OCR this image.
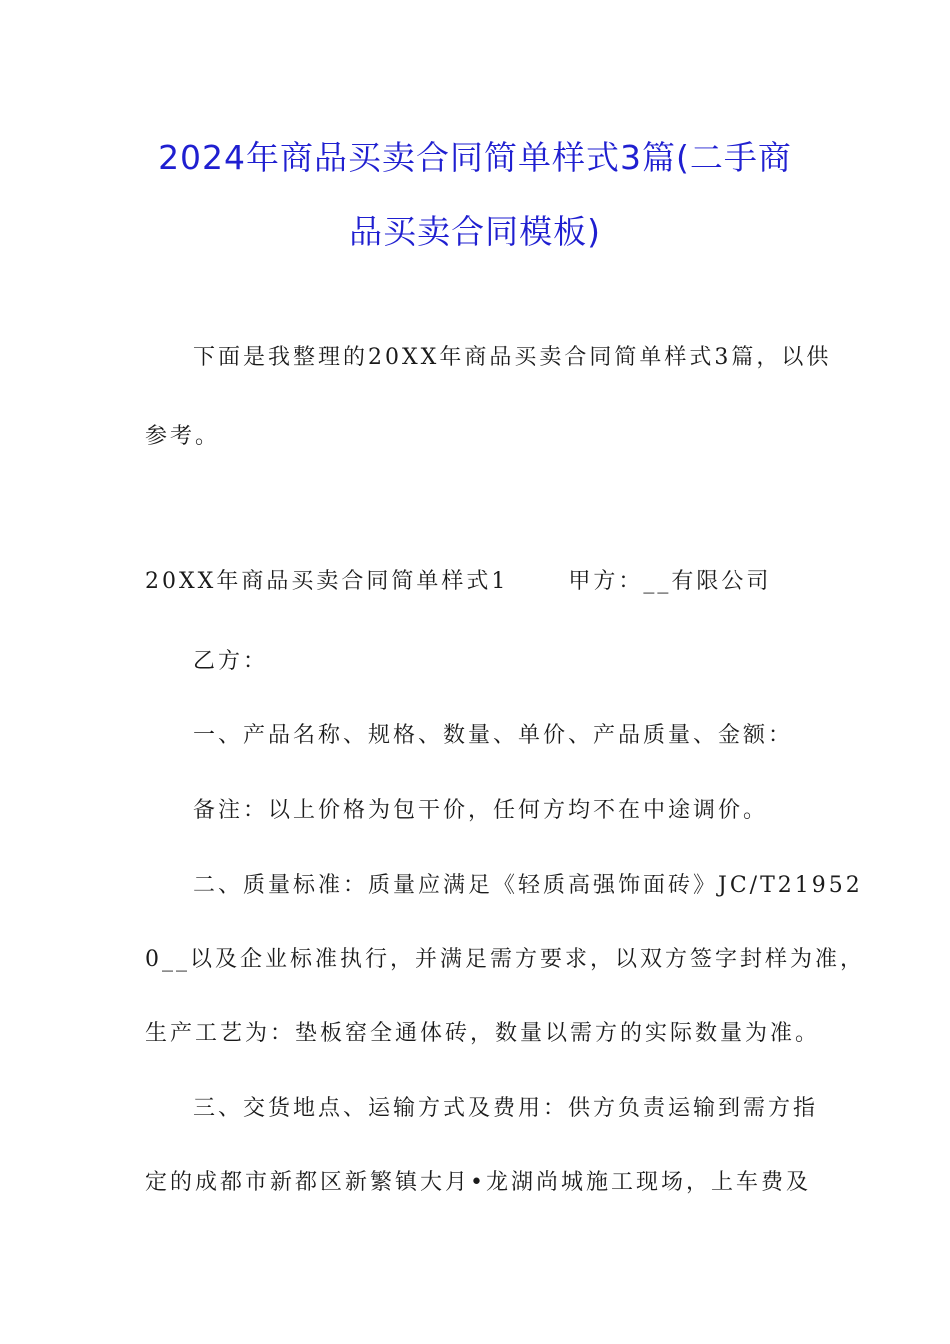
2024年商品买卖合同简单样式3篇(二手商
品买卖合同模板)
下面是我整理的20XX年商品买卖合同简单样式3篇，以供
参考。
20XX年商品买卖合同简单样式1	甲方：__有限公司
乙方：
一、产品名称、规格、数量、单价、产品质量、金额：
备注：以上价格为包干价，任何方均不在中途调价。
二、质量标准：质量应满足《轻质高强饰面砖》JC/T21952
0__以及企业标准执行，并满足需方要求，以双方签字封样为准，
生产工艺为：垫板窑全通体砖，数量以需方的实际数量为准。
三、交货地点、运输方式及费用：供方负责运输到需方指
定的成都市新都区新繁镇大月•龙湖尚城施工现场，上车费及
